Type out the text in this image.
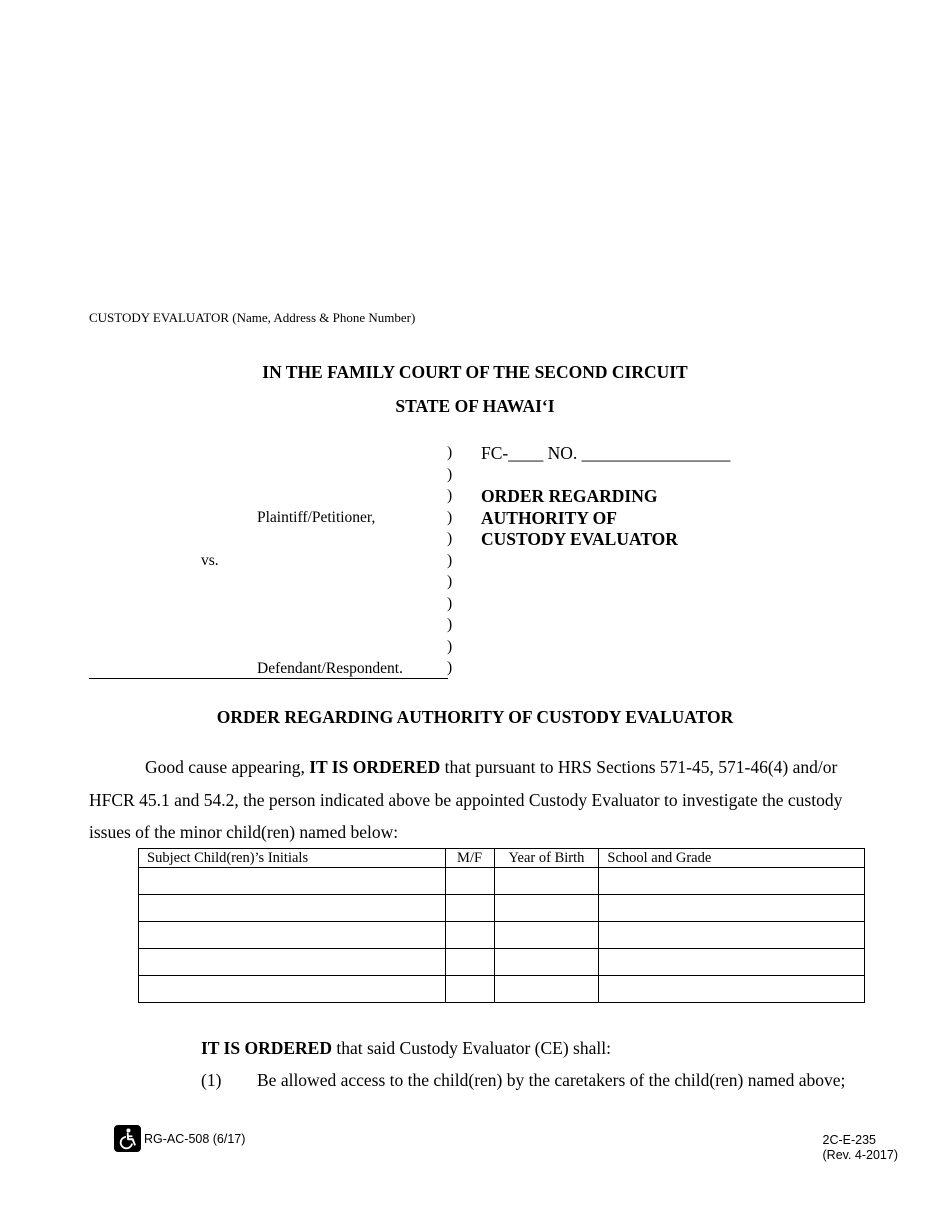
CUSTODY EVALUATOR (Name, Address & Phone Number)
IN THE FAMILY COURT OF THE SECOND CIRCUIT
STATE OF HAWAIʻI
)
)
)
)
)
)
)
)
)
)
)
FC-____ NO. _________________
ORDER REGARDING
AUTHORITY OF
CUSTODY EVALUATOR
Plaintiff/Petitioner,
vs.
Defendant/Respondent.
ORDER REGARDING AUTHORITY OF CUSTODY EVALUATOR
Good cause appearing, IT IS ORDERED that pursuant to HRS Sections 571-45, 571-46(4) and/or HFCR 45.1 and 54.2, the person indicated above be appointed Custody Evaluator to investigate the custody issues of the minor child(ren) named below:
Subject Child(ren)’s Initials	M/F	Year of Birth	School and Grade

IT IS ORDERED that said Custody Evaluator (CE) shall:
(1) Be allowed access to the child(ren) by the caretakers of the child(ren) named above;
RG-AC-508 (6/17)	2C-E-235
(Rev. 4-2017)
